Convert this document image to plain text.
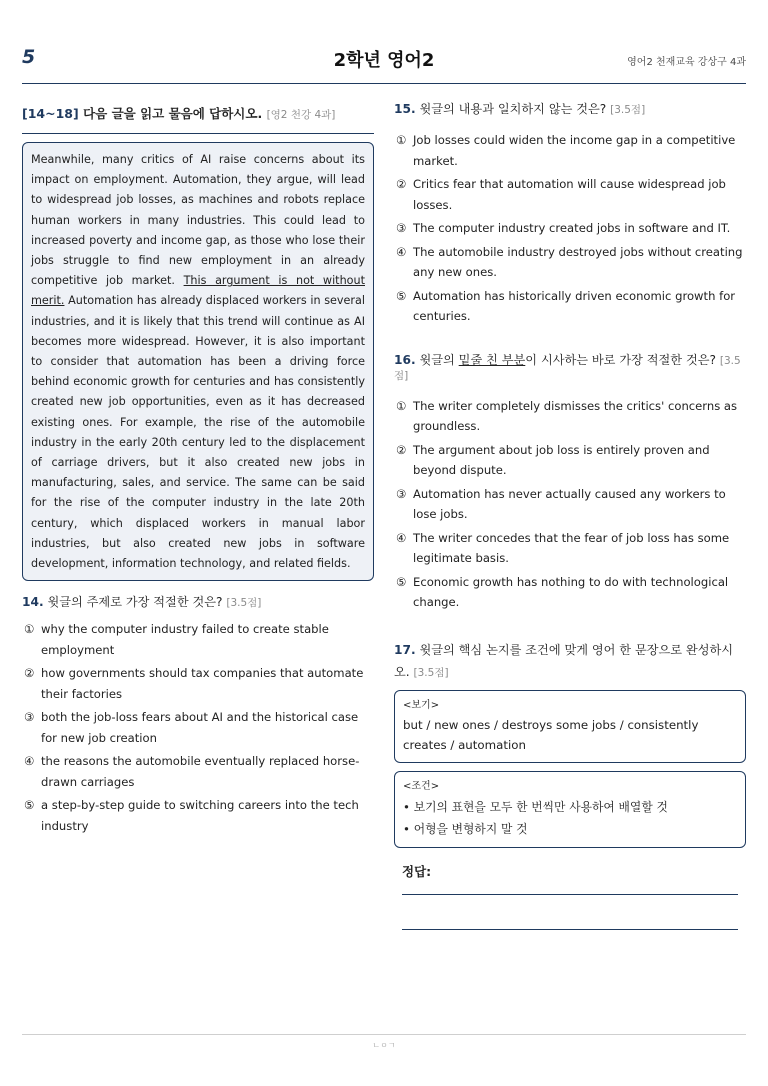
5	2학년 영어2	영어2 천재교육 강상구 4과
[14~18] 다음 글을 읽고 물음에 답하시오. [영2 천강 4과]
Meanwhile, many critics of AI raise concerns about its impact on employment. Automation, they argue, will lead to widespread job losses, as machines and robots replace human workers in many industries. This could lead to increased poverty and income gap, as those who lose their jobs struggle to find new employment in an already competitive job market. This argument is not without merit. Automation has already displaced workers in several industries, and it is likely that this trend will continue as AI becomes more widespread. However, it is also important to consider that automation has been a driving force behind economic growth for centuries and has consistently created new job opportunities, even as it has decreased existing ones. For example, the rise of the automobile industry in the early 20th century led to the displacement of carriage drivers, but it also created new jobs in manufacturing, sales, and service. The same can be said for the rise of the computer industry in the late 20th century, which displaced workers in manual labor industries, but also created new jobs in software development, information technology, and related fields.
14. 윗글의 주제로 가장 적절한 것은? [3.5점]
① why the computer industry failed to create stable employment
② how governments should tax companies that automate their factories
③ both the job-loss fears about AI and the historical case for new job creation
④ the reasons the automobile eventually replaced horse-drawn carriages
⑤ a step-by-step guide to switching careers into the tech industry
15. 윗글의 내용과 일치하지 않는 것은? [3.5점]
① Job losses could widen the income gap in a competitive market.
② Critics fear that automation will cause widespread job losses.
③ The computer industry created jobs in software and IT.
④ The automobile industry destroyed jobs without creating any new ones.
⑤ Automation has historically driven economic growth for centuries.
16. 윗글의 밑줄 친 부분이 시사하는 바로 가장 적절한 것은? [3.5점]
① The writer completely dismisses the critics' concerns as groundless.
② The argument about job loss is entirely proven and beyond dispute.
③ Automation has never actually caused any workers to lose jobs.
④ The writer concedes that the fear of job loss has some legitimate basis.
⑤ Economic growth has nothing to do with technological change.
17. 윗글의 핵심 논지를 조건에 맞게 영어 한 문장으로 완성하시오. [3.5점]
<보기>
but / new ones / destroys some jobs / consistently creates / automation
<조건>
• 보기의 표현을 모두 한 번씩만 사용하여 배열할 것
• 어형을 변형하지 말 것
정답:
ㄴㅇㄱ
